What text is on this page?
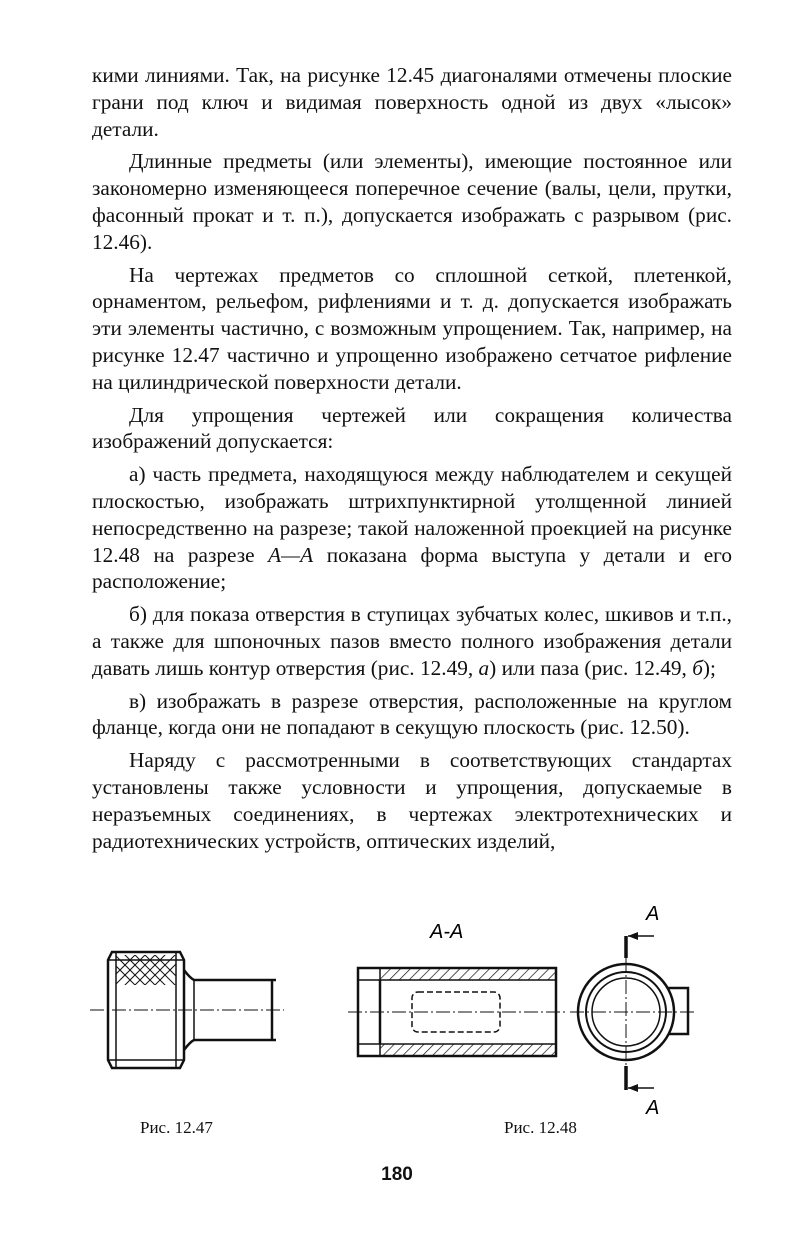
кими линиями. Так, на рисунке 12.45 диагоналями отмечены плоские грани под ключ и видимая поверхность одной из двух «лысок» детали.

Длинные предметы (или элементы), имеющие постоянное или закономерно изменяющееся поперечное сечение (валы, цели, прутки, фасонный прокат и т. п.), допускается изображать с разрывом (рис. 12.46).

На чертежах предметов со сплошной сеткой, плетенкой, орнаментом, рельефом, рифлениями и т. д. допускается изображать эти элементы частично, с возможным упрощением. Так, например, на рисунке 12.47 частично и упрощенно изображено сетчатое рифление на цилиндрической поверхности детали.

Для упрощения чертежей или сокращения количества изображений допускается:

а) часть предмета, находящуюся между наблюдателем и секущей плоскостью, изображать штрихпунктирной утолщенной линией непосредственно на разрезе; такой наложенной проекцией на рисунке 12.48 на разрезе А—А показана форма выступа у детали и его расположение;

б) для показа отверстия в ступицах зубчатых колес, шкивов и т.п., а также для шпоночных пазов вместо полного изображения детали давать лишь контур отверстия (рис. 12.49, а) или паза (рис. 12.49, б);

в) изображать в разрезе отверстия, расположенные на круглом фланце, когда они не попадают в секущую плоскость (рис. 12.50).

Наряду с рассмотренными в соответствующих стандартах установлены также условности и упрощения, допускаемые в неразъемных соединениях, в чертежах электротехнических и радиотехнических устройств, оптических изделий,

А-А
А
А
Рис. 12.47	Рис. 12.48
180
